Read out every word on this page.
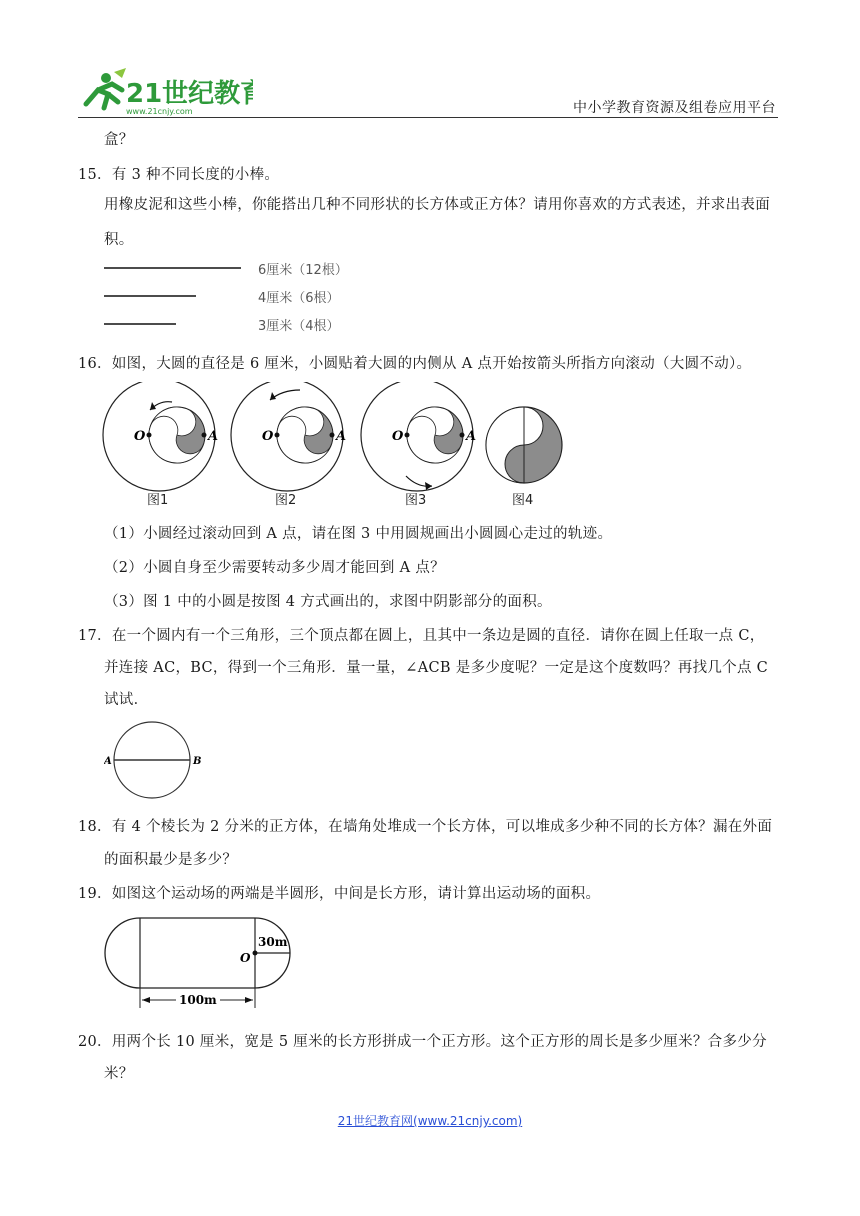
21世纪教育
www.21cnjy.com	中小学教育资源及组卷应用平台
盒？
15．有 3 种不同长度的小棒。
用橡皮泥和这些小棒，你能搭出几种不同形状的长方体或正方体？请用你喜欢的方式表述，并求出表面
积。
6厘米（12根）
4厘米（6根）
3厘米（4根）
16．如图，大圆的直径是 6 厘米，小圆贴着大圆的内侧从 A 点开始按箭头所指方向滚动（大圆不动）。
O	A
图1
O	A
图2
O	A
图3	图4
（1）小圆经过滚动回到 A 点，请在图 3 中用圆规画出小圆圆心走过的轨迹。
（2）小圆自身至少需要转动多少周才能回到 A 点？
（3）图 1 中的小圆是按图 4 方式画出的，求图中阴影部分的面积。
17．在一个圆内有一个三角形，三个顶点都在圆上，且其中一条边是圆的直径．请你在圆上任取一点 C，
并连接 AC，BC，得到一个三角形．量一量，∠ACB 是多少度呢？一定是这个度数吗？再找几个点 C
试试．
A	B
18．有 4 个棱长为 2 分米的正方体，在墙角处堆成一个长方体，可以堆成多少种不同的长方体？漏在外面
的面积最少是多少？
19．如图这个运动场的两端是半圆形，中间是长方形，请计算出运动场的面积。
30m
O
100m
20．用两个长 10 厘米，宽是 5 厘米的长方形拼成一个正方形。这个正方形的周长是多少厘米？合多少分
米？
21世纪教育网(www.21cnjy.com)
